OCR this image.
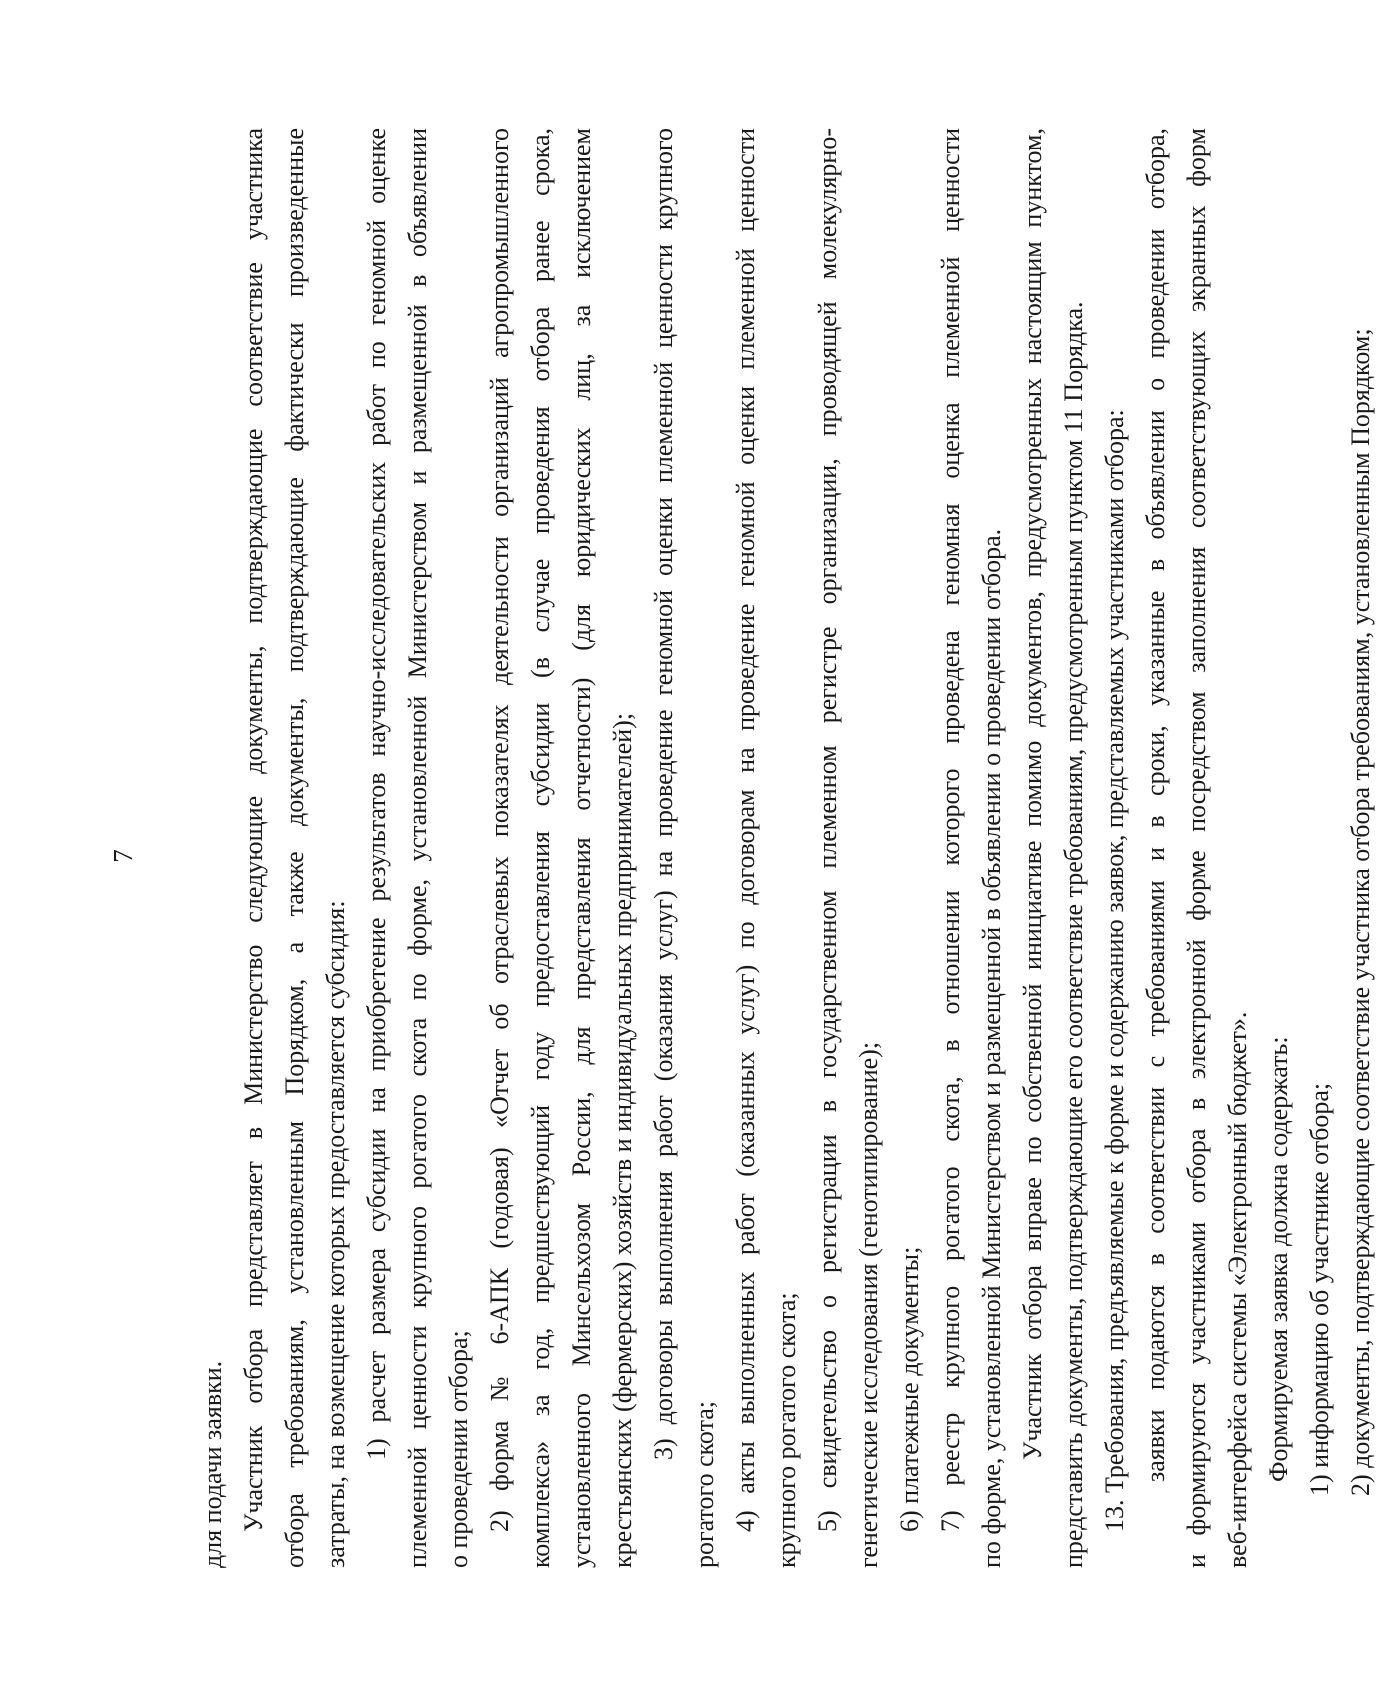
7
для подачи заявки. Участник отбора представляет в Министерство следующие документы, подтверждающие соответствие участника отбора требованиям, установленным Порядком, а также документы, подтверждающие фактически произведенные затраты, на возмещение которых предоставляется субсидия: 1) расчет размера субсидии на приобретение результатов научно-исследовательских работ по геномной оценке племенной ценности крупного рогатого скота по форме, установленной Министерством и размещенной в объявлении о проведении отбора; 2) форма № 6-АПК (годовая) «Отчет об отраслевых показателях деятельности организаций агропромышленного комплекса» за год, предшествующий году предоставления субсидии (в случае проведения отбора ранее срока, установленного Минсельхозом России, для представления отчетности) (для юридических лиц, за исключением крестьянских (фермерских) хозяйств и индивидуальных предпринимателей); 3) договоры выполнения работ (оказания услуг) на проведение геномной оценки племенной ценности крупного
рогатого скота; 4) акты выполненных работ (оказанных услуг) по договорам на проведение геномной оценки племенной ценности крупного рогатого скота; 5) свидетельство о регистрации в государственном племенном регистре организации, проводящей молекулярно- генетические исследования (генотипирование); 6) платежные документы; 7) реестр крупного рогатого скота, в отношении которого проведена геномная оценка племенной ценности по форме, установленной Министерством и размещенной в объявлении о проведении отбора. Участник отбора вправе по собственной инициативе помимо документов, предусмотренных настоящим пунктом, представить документы, подтверждающие его соответствие требованиям, предусмотренным пунктом 11 Порядка. 13. Требования, предъявляемые к форме и содержанию заявок, представляемых участниками отбора: заявки подаются в соответствии с требованиями и в сроки, указанные в объявлении о проведении отбора, и формируются участниками отбора в электронной форме посредством заполнения соответствующих экранных форм веб-интерфейса системы «Электронный бюджет». Формируемая заявка должна содержать: 1) информацию об участнике отбора; 2) документы, подтверждающие соответствие участника отбора требованиям, установленным Порядком;
